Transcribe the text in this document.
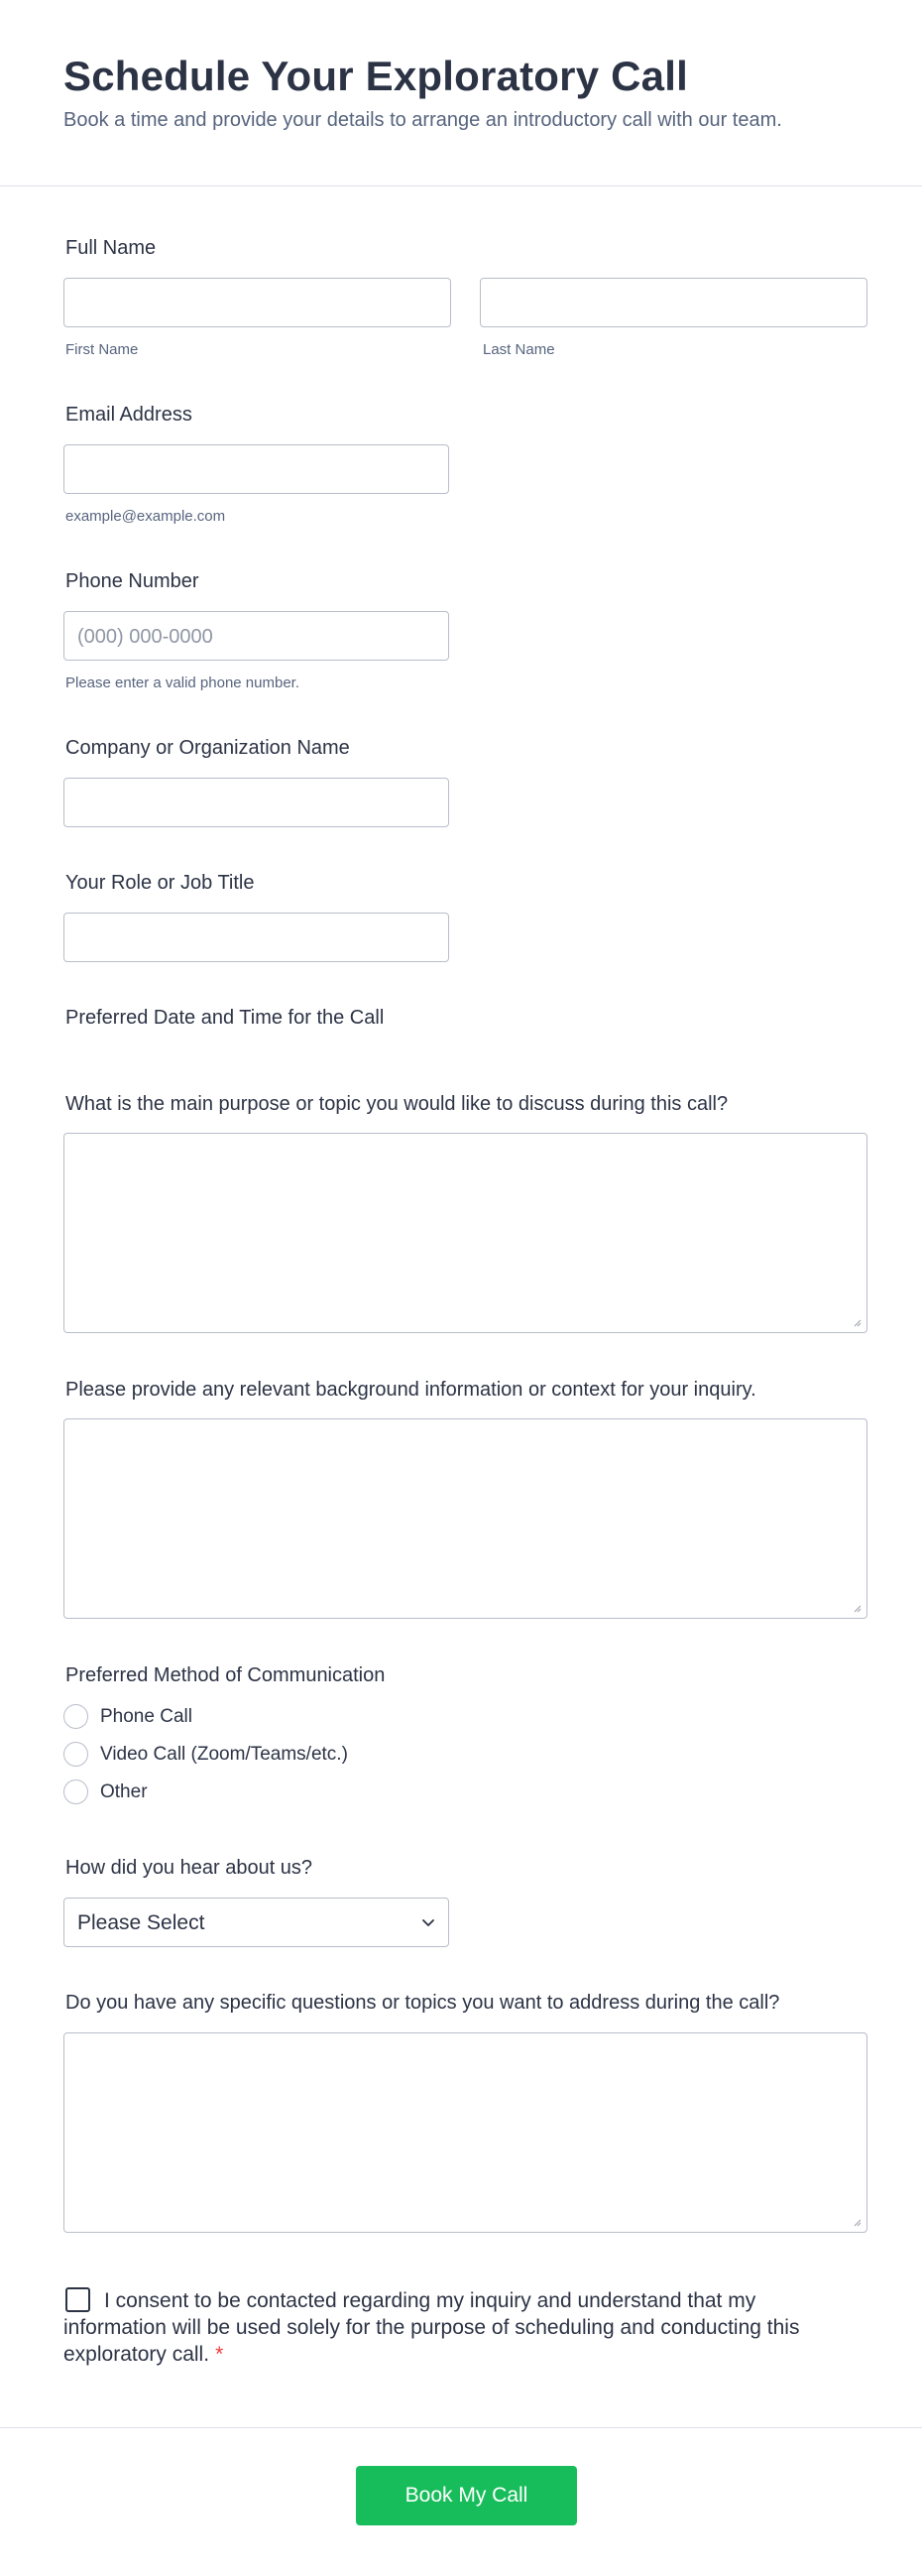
Schedule Your Exploratory Call
Book a time and provide your details to arrange an introductory call with our team.
Full Name
First Name	Last Name
Email Address
example@example.com
Phone Number
(000) 000-0000
Please enter a valid phone number.
Company or Organization Name
Your Role or Job Title
Preferred Date and Time for the Call
What is the main purpose or topic you would like to discuss during this call?
Please provide any relevant background information or context for your inquiry.
Preferred Method of Communication
Phone Call
Video Call (Zoom/Teams/etc.)
Other
How did you hear about us?
Please Select
Do you have any specific questions or topics you want to address during the call?
I consent to be contacted regarding my inquiry and understand that my information will be used solely for the purpose of scheduling and conducting this exploratory call. *
Book My Call
